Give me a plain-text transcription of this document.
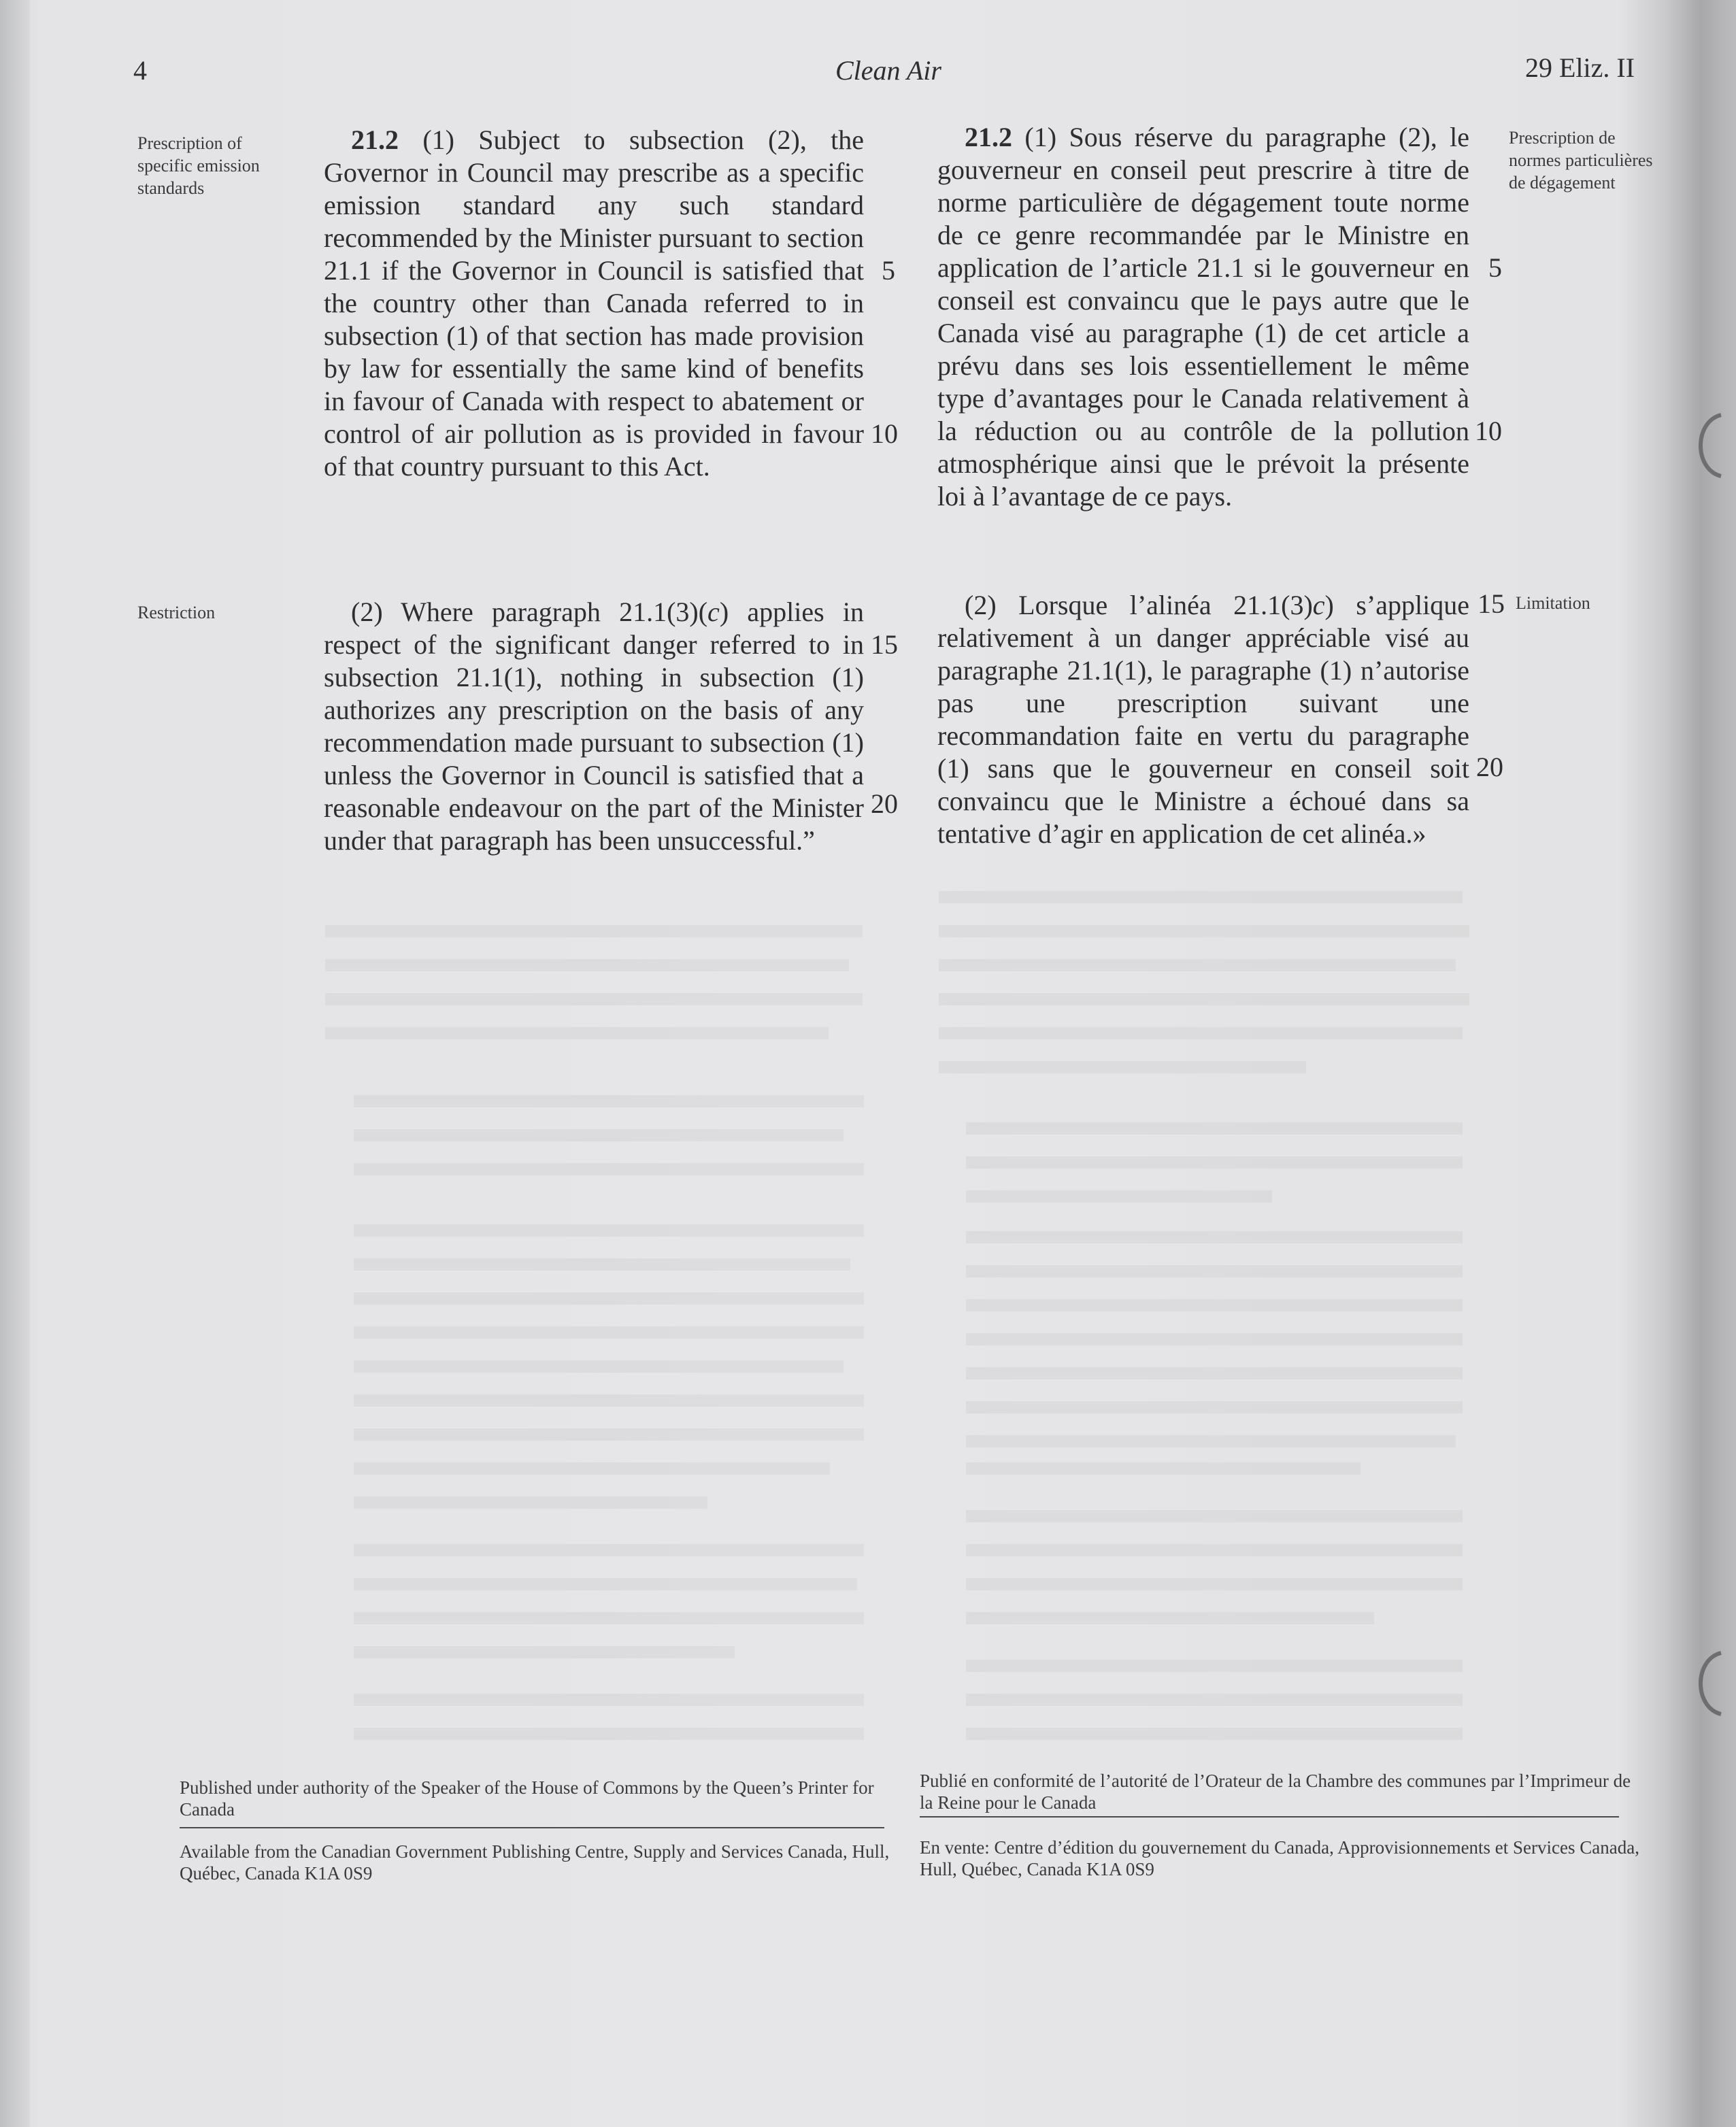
4	Clean Air	29 Eliz. II
Prescription of specific emission standards
Restriction
Prescription de normes particulières de dégagement
Limitation

21.2 (1) Subject to subsection (2), the Governor in Council may prescribe as a specific emission standard any such standard recommended by the Minister pursuant to section 21.1 if the Governor in Council is satisfied that the country other than Canada referred to in subsection (1) of that section has made provision by law for essentially the same kind of benefits in favour of Canada with respect to abatement or control of air pollution as is provided in favour of that country pursuant to this Act.

(2) Where paragraph 21.1(3)(c) applies in respect of the significant danger referred to in subsection 21.1(1), nothing in subsection (1) authorizes any prescription on the basis of any recommendation made pursuant to subsection (1) unless the Governor in Council is satisfied that a reasonable endeavour on the part of the Minister under that paragraph has been unsuccessful.”

21.2 (1) Sous réserve du paragraphe (2), le gouverneur en conseil peut prescrire à titre de norme particulière de dégagement toute norme de ce genre recommandée par le Ministre en application de l’article 21.1 si le gouverneur en conseil est convaincu que le pays autre que le Canada visé au paragraphe (1) de cet article a prévu dans ses lois essentiellement le même type d’avantages pour le Canada relativement à la réduction ou au contrôle de la pollution atmosphérique ainsi que le prévoit la présente loi à l’avantage de ce pays.

(2) Lorsque l’alinéa 21.1(3)c) s’applique relativement à un danger appréciable visé au paragraphe 21.1(1), le paragraphe (1) n’autorise pas une prescription suivant une recommandation faite en vertu du paragraphe (1) sans que le gouverneur en conseil soit convaincu que le Ministre a échoué dans sa tentative d’agir en application de cet alinéa.»

5
10
15
20
5
10
15
20
Published under authority of the Speaker of the House of Commons by the Queen’s Printer for Canada
Available from the Canadian Government Publishing Centre, Supply and Services Canada, Hull, Québec, Canada K1A 0S9
Publié en conformité de l’autorité de l’Orateur de la Chambre des communes par l’Imprimeur de la Reine pour le Canada
En vente: Centre d’édition du gouvernement du Canada, Approvisionnements et Services Canada, Hull, Québec, Canada K1A 0S9
